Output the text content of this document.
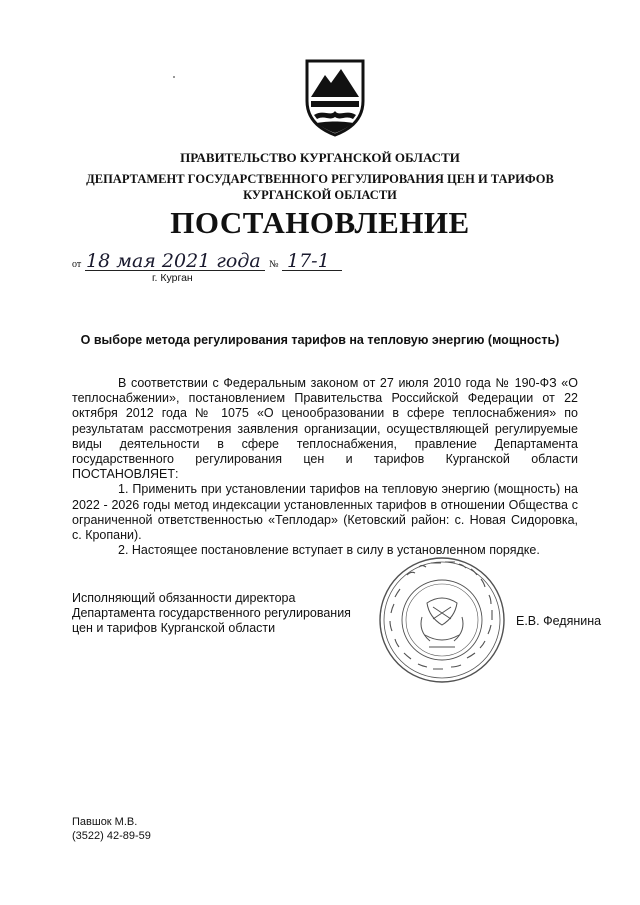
ПРАВИТЕЛЬСТВО КУРГАНСКОЙ ОБЛАСТИ
ДЕПАРТАМЕНТ ГОСУДАРСТВЕННОГО РЕГУЛИРОВАНИЯ ЦЕН И ТАРИФОВ
КУРГАНСКОЙ ОБЛАСТИ
ПОСТАНОВЛЕНИЕ
от 18 мая 2021 года № 17-1
г. Курган
О выборе метода регулирования тарифов на тепловую энергию (мощность)

В соответствии с Федеральным законом от 27 июля 2010 года № 190-ФЗ «О теплоснабжении», постановлением Правительства Российской Федерации от 22 октября 2012 года № 1075 «О ценообразовании в сфере теплоснабжения» по результатам рассмотрения заявления организации, осуществляющей регулируемые виды деятельности в сфере теплоснабжения, правление Департамента государственного регулирования цен и тарифов Курганской области ПОСТАНОВЛЯЕТ:

1. Применить при установлении тарифов на тепловую энергию (мощность) на 2022 - 2026 годы метод индексации установленных тарифов в отношении Общества с ограниченной ответственностью «Теплодар» (Кетовский район: с. Новая Сидоровка, с. Кропани).

2. Настоящее постановление вступает в силу в установленном порядке.

Исполняющий обязанности директора
Департамента государственного регулирования
цен и тарифов Курганской области
Е.В. Федянина
Павшок М.В.
(3522) 42-89-59
